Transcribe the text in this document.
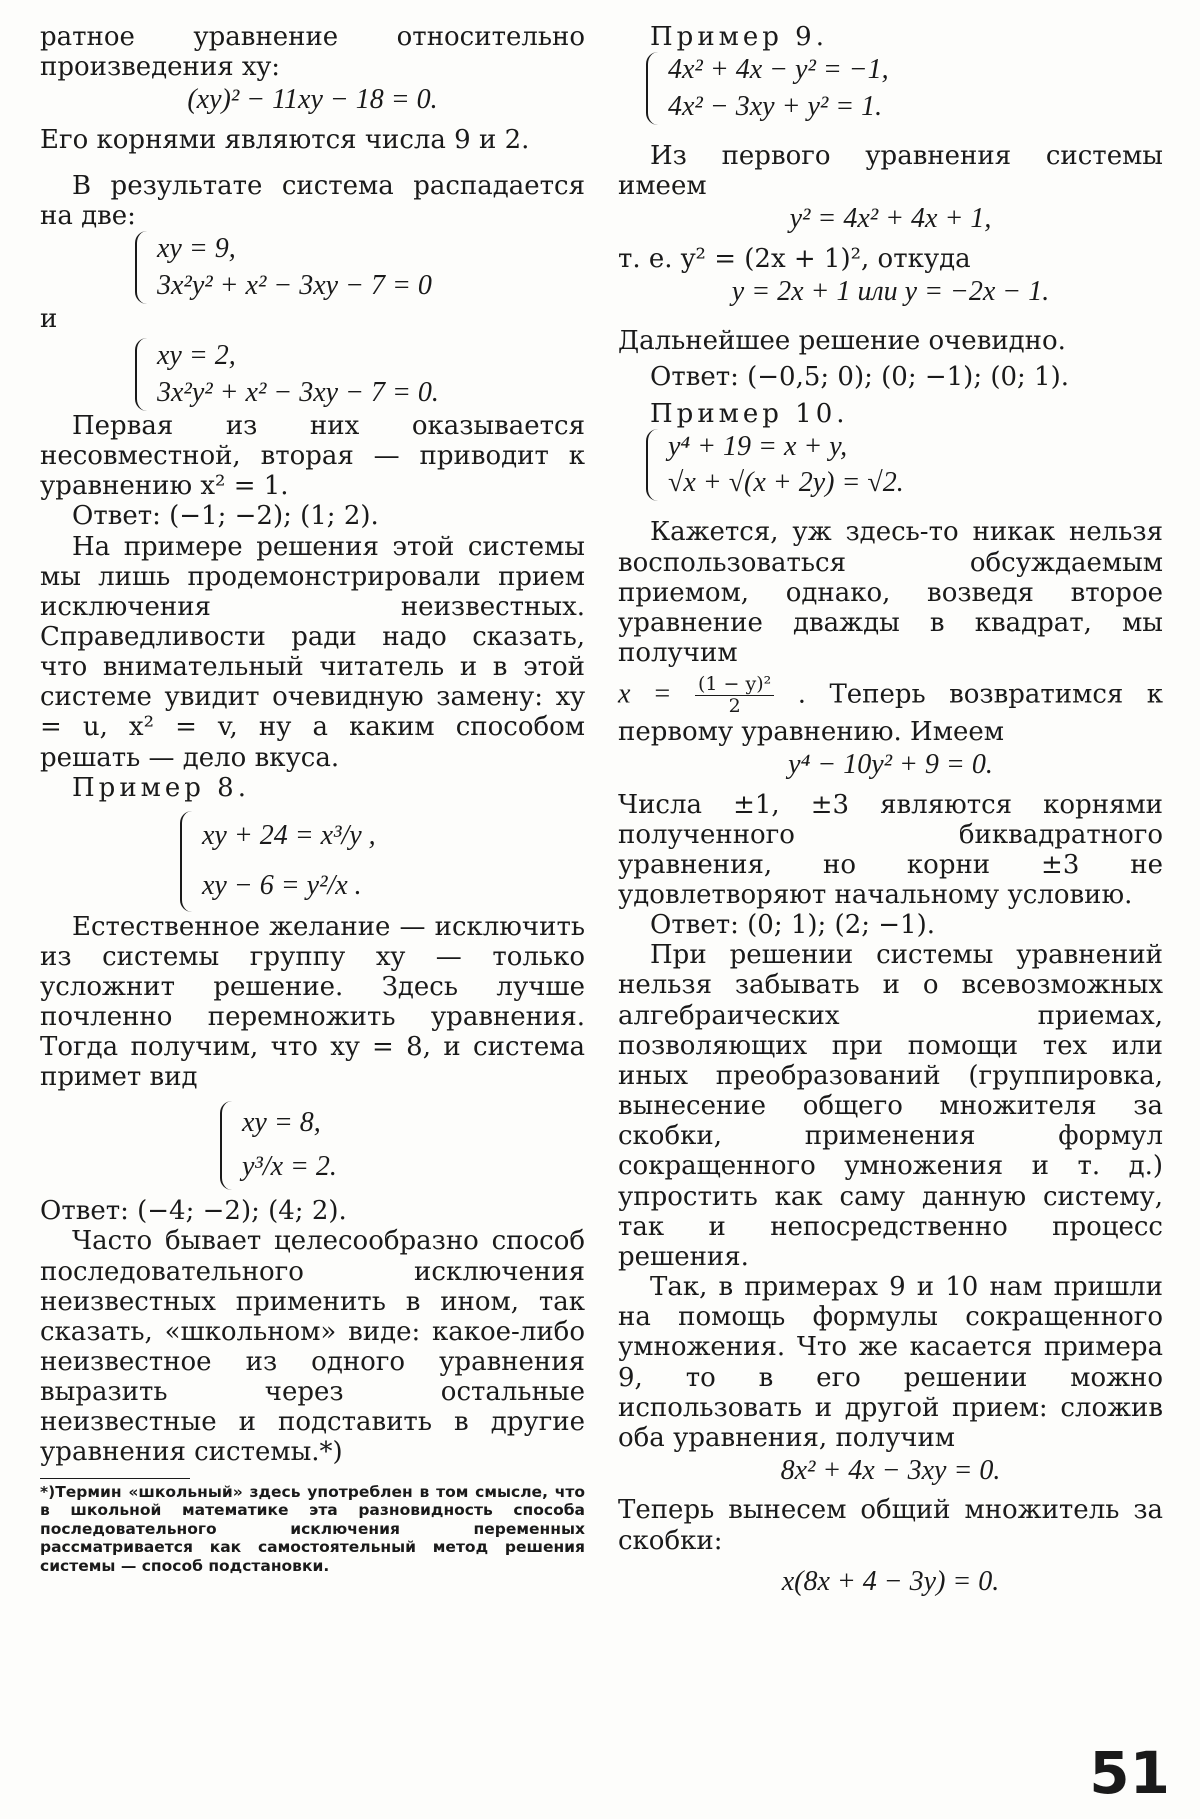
ратное уравнение относительно произведения xy:

(xy)² − 11xy − 18 = 0.

Его корнями являются числа 9 и 2.

В результате система распадается на две:

xy = 9,
3x²y² + x² − 3xy − 7 = 0

и

xy = 2,
3x²y² + x² − 3xy − 7 = 0.

Первая из них оказывается несовместной, вторая — приводит к уравнению x² = 1.

Ответ: (−1; −2); (1; 2).

На примере решения этой системы мы лишь продемонстрировали прием исключения неизвестных. Справедливости ради надо сказать, что внимательный читатель и в этой системе увидит очевидную замену: xy = u, x² = v, ну а каким способом решать — дело вкуса.

Пример 8.

xy + 24 = x³/y ,
xy − 6 = y²/x .

Естественное желание — исключить из системы группу xy — только усложнит решение. Здесь лучше почленно перемножить уравнения. Тогда получим, что xy = 8, и система примет вид

xy = 8,
y³/x = 2.

Ответ: (−4; −2); (4; 2).

Часто бывает целесообразно способ последовательного исключения неизвестных применить в ином, так сказать, «школьном» виде: какое-либо неизвестное из одного уравнения выразить через остальные неизвестные и подставить в другие уравнения системы.*)

*)Термин «школьный» здесь употреблен в том смысле, что в школьной математике эта разновидность способа последовательного исключения переменных рассматривается как самостоятельный метод решения системы — способ подстановки.

Пример 9.

4x² + 4x − y² = −1,
4x² − 3xy + y² = 1.

Из первого уравнения системы имеем

y² = 4x² + 4x + 1,

т. е. y² = (2x + 1)², откуда

y = 2x + 1 или y = −2x − 1.

Дальнейшее решение очевидно.

Ответ: (−0,5; 0); (0; −1); (0; 1).

Пример 10.

y⁴ + 19 = x + y,
√x + √(x + 2y) = √2.

Кажется, уж здесь-то никак нельзя воспользоваться обсуждаемым приемом, однако, возведя второе уравнение дважды в квадрат, мы получим

$x = \frac{\text{(1 − y)²}}{2}$ . Теперь возвратимся к первому уравнению. Имеем

y⁴ − 10y² + 9 = 0.

Числа ±1, ±3 являются корнями полученного биквадратного уравнения, но корни ±3 не удовлетворяют начальному условию.

Ответ: (0; 1); (2; −1).

При решении системы уравнений нельзя забывать и о всевозможных алгебраических приемах, позволяющих при помощи тех или иных преобразований (группировка, вынесение общего множителя за скобки, применения формул сокращенного умножения и т. д.) упростить как саму данную систему, так и непосредственно процесс решения.

Так, в примерах 9 и 10 нам пришли на помощь формулы сокращенного умножения. Что же касается примера 9, то в его решении можно использовать и другой прием: сложив оба уравнения, получим

8x² + 4x − 3xy = 0.

Теперь вынесем общий множитель за скобки:

x(8x + 4 − 3y) = 0.
51
